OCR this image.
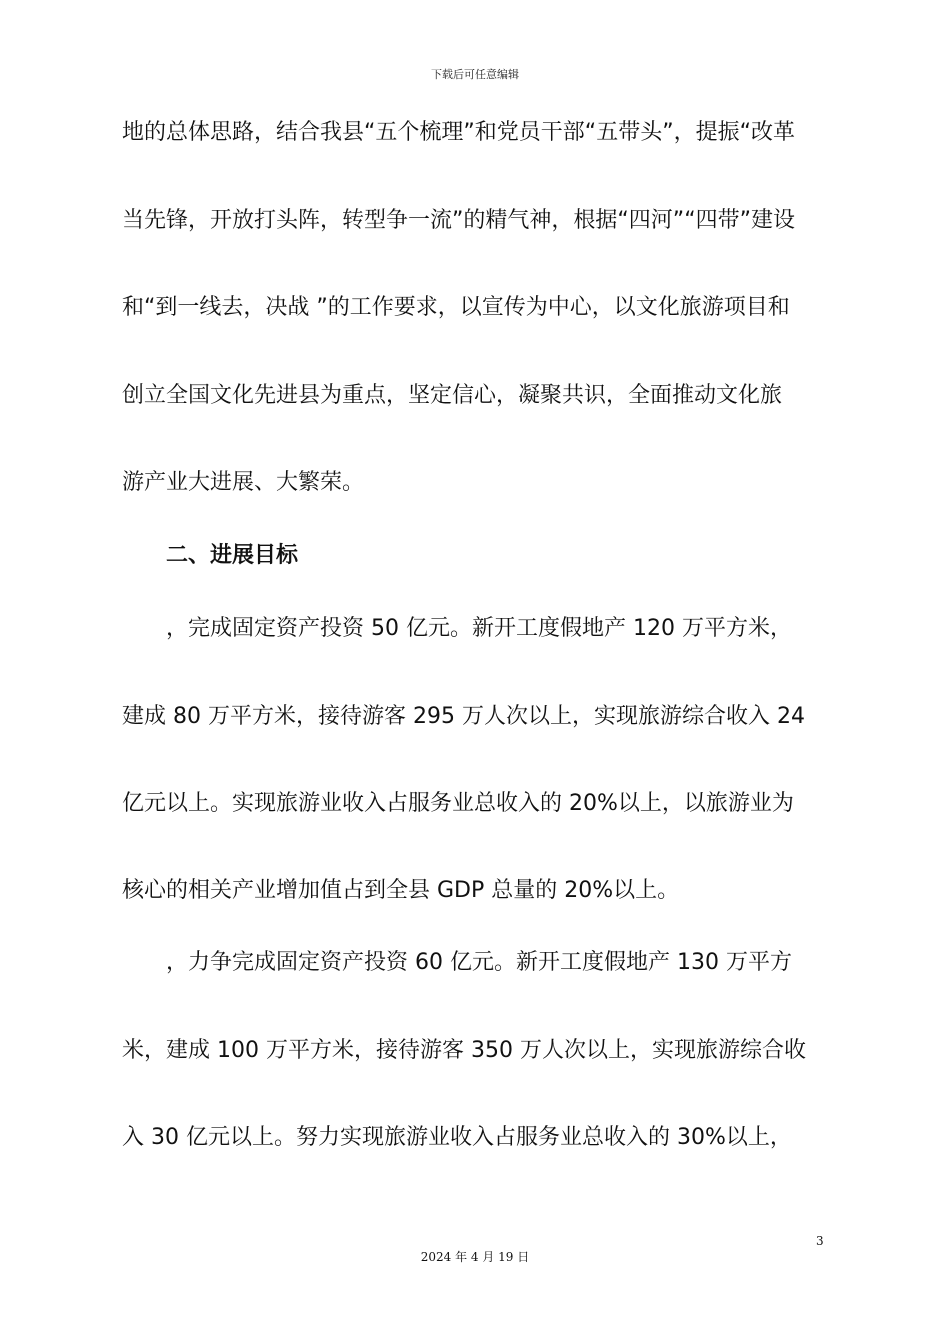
下载后可任意编辑
地的总体思路，结合我县“五个梳理”和党员干部“五带头”，提振“改革
当先锋，开放打头阵，转型争一流”的精气神，根据“四河”“四带”建设
和“到一线去，决战 ”的工作要求，以宣传为中心，以文化旅游项目和
创立全国文化先进县为重点，坚定信心，凝聚共识，全面推动文化旅
游产业大进展、大繁荣。
二、进展目标
，完成固定资产投资 50 亿元。新开工度假地产 120 万平方米，
建成 80 万平方米，接待游客 295 万人次以上，实现旅游综合收入 24
亿元以上。实现旅游业收入占服务业总收入的 20%以上，以旅游业为
核心的相关产业增加值占到全县 GDP 总量的 20%以上。
，力争完成固定资产投资 60 亿元。新开工度假地产 130 万平方
米，建成 100 万平方米，接待游客 350 万人次以上，实现旅游综合收
入 30 亿元以上。努力实现旅游业收入占服务业总收入的 30%以上，
3
2024 年 4 月 19 日
